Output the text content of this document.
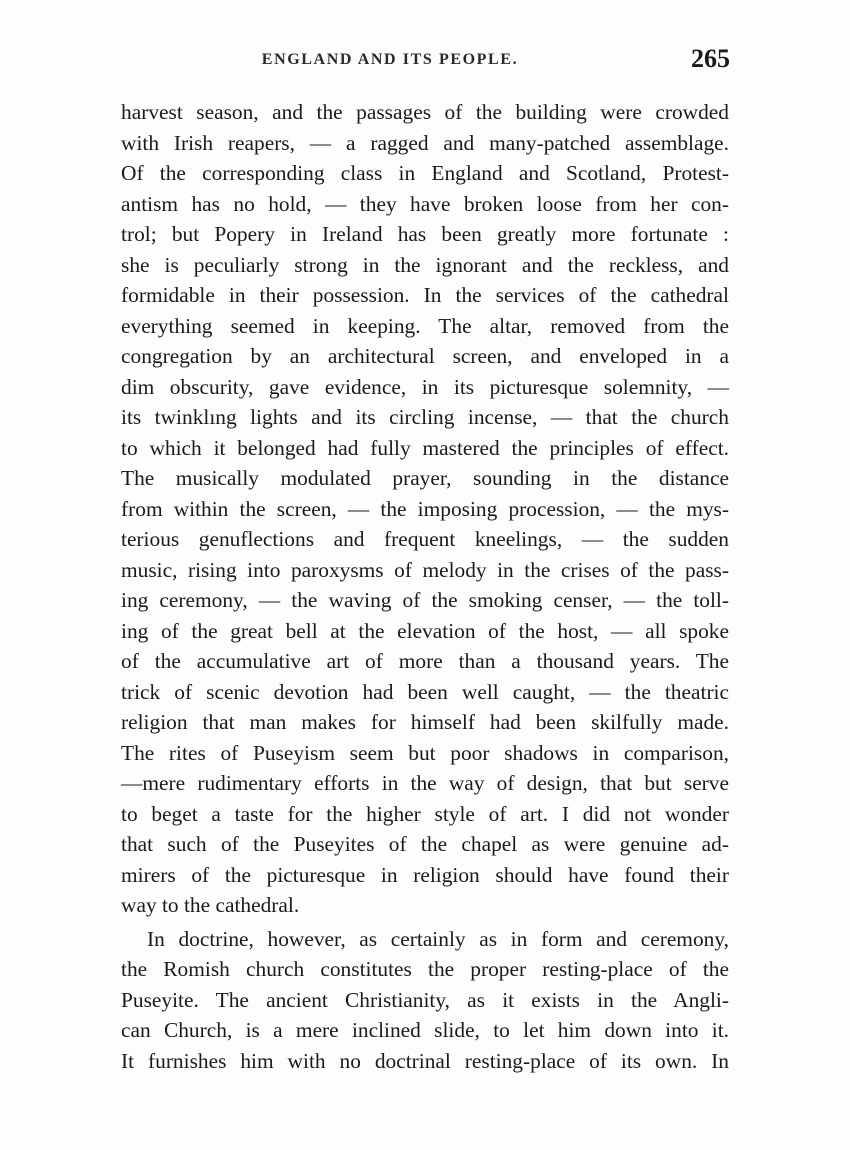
ENGLAND AND ITS PEOPLE.	265
harvest season, and the passages of the building were crowded
with Irish reapers, — a ragged and many-patched assemblage.
Of the corresponding class in England and Scotland, Protest-
antism has no hold, — they have broken loose from her con-
trol; but Popery in Ireland has been greatly more fortunate :
she is peculiarly strong in the ignorant and the reckless, and
formidable in their possession. In the services of the cathedral
everything seemed in keeping. The altar, removed from the
congregation by an architectural screen, and enveloped in a
dim obscurity, gave evidence, in its picturesque solemnity, —
its twinklıng lights and its circling incense, — that the church
to which it belonged had fully mastered the principles of effect.
The musically modulated prayer, sounding in the distance
from within the screen, — the imposing procession, — the mys-
terious genuflections and frequent kneelings, — the sudden
music, rising into paroxysms of melody in the crises of the pass-
ing ceremony, — the waving of the smoking censer, — the toll-
ing of the great bell at the elevation of the host, — all spoke
of the accumulative art of more than a thousand years. The
trick of scenic devotion had been well caught, — the theatric
religion that man makes for himself had been skilfully made.
The rites of Puseyism seem but poor shadows in comparison,
—mere rudimentary efforts in the way of design, that but serve
to beget a taste for the higher style of art. I did not wonder
that such of the Puseyites of the chapel as were genuine ad-
mirers of the picturesque in religion should have found their
way to the cathedral.
In doctrine, however, as certainly as in form and ceremony,
the Romish church constitutes the proper resting-place of the
Puseyite. The ancient Christianity, as it exists in the Angli-
can Church, is a mere inclined slide, to let him down into it.
It furnishes him with no doctrinal resting-place of its own. In
